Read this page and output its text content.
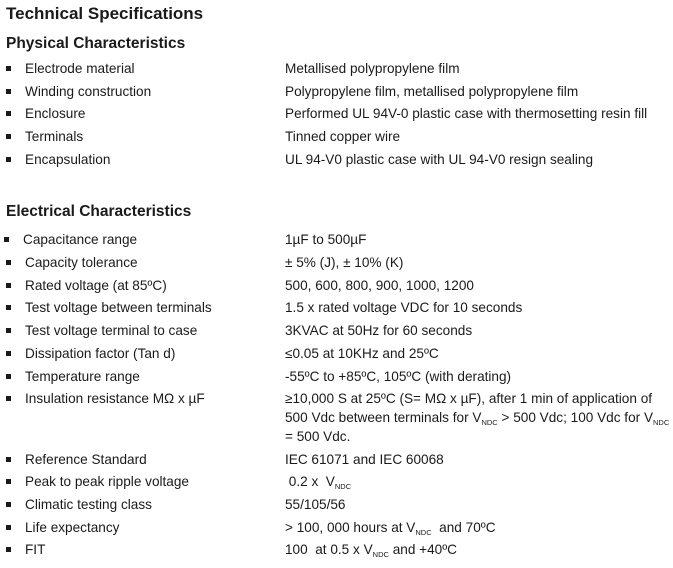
Technical Specifications
Physical Characteristics
Electrode material	Metallised polypropylene film
Winding construction	Polypropylene film, metallised polypropylene film
Enclosure	Performed UL 94V-0 plastic case with thermosetting resin fill
Terminals	Tinned copper wire
Encapsulation	UL 94-V0 plastic case with UL 94-V0 resign sealing
Electrical Characteristics
Capacitance range	1µF to 500µF
Capacity tolerance	± 5% (J), ± 10% (K)
Rated voltage (at 85ºC)	500, 600, 800, 900, 1000, 1200
Test voltage between terminals	1.5 x rated voltage VDC for 10 seconds
Test voltage terminal to case	3KVAC at 50Hz for 60 seconds
Dissipation factor (Tan d)	≤0.05 at 10KHz and 25ºC
Temperature range	-55ºC to +85ºC, 105ºC (with derating)
Insulation resistance MΩ x µF	≥10,000 S at 25ºC (S= MΩ x µF), after 1 min of application of 500 Vdc between terminals for $V_{NDC} > 500$ Vdc; 100 Vdc for $V_{NDC} = 500$ Vdc.
Reference Standard	IEC 61071 and IEC 60068
Peak to peak ripple voltage	0.2 x  $V_{NDC}$
Climatic testing class	55/105/56
Life expectancy	> 100, 000 hours at $V_{NDC}$  and 70ºC
FIT	100  at 0.5 x $V_{NDC}$ and +40ºC
